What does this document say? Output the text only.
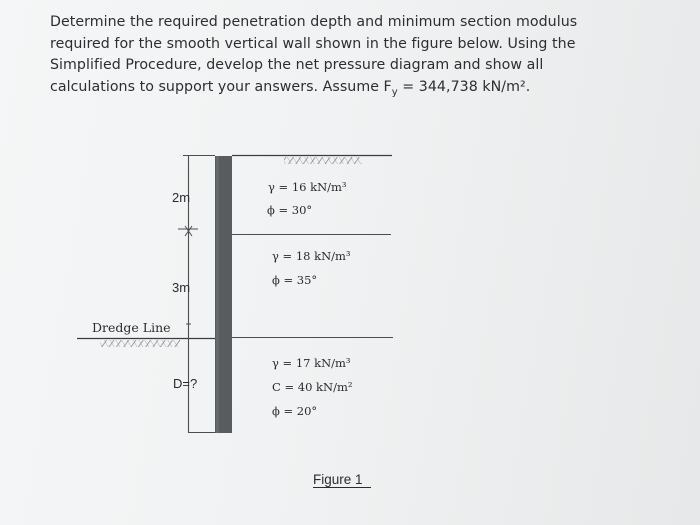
Determine the required penetration depth and minimum section modulus
required for the smooth vertical wall shown in the figure below. Using the
Simplified Procedure, develop the net pressure diagram and show all
calculations to support your answers. Assume $F_y = 344,738$ kN/m².

2m
3m
D=?
Dredge Line
γ = 16 kN/m³
ϕ = 30°
γ = 18 kN/m³
ϕ = 35°
γ = 17 kN/m³
C = 40 kN/m²
ϕ = 20°
Figure 1
